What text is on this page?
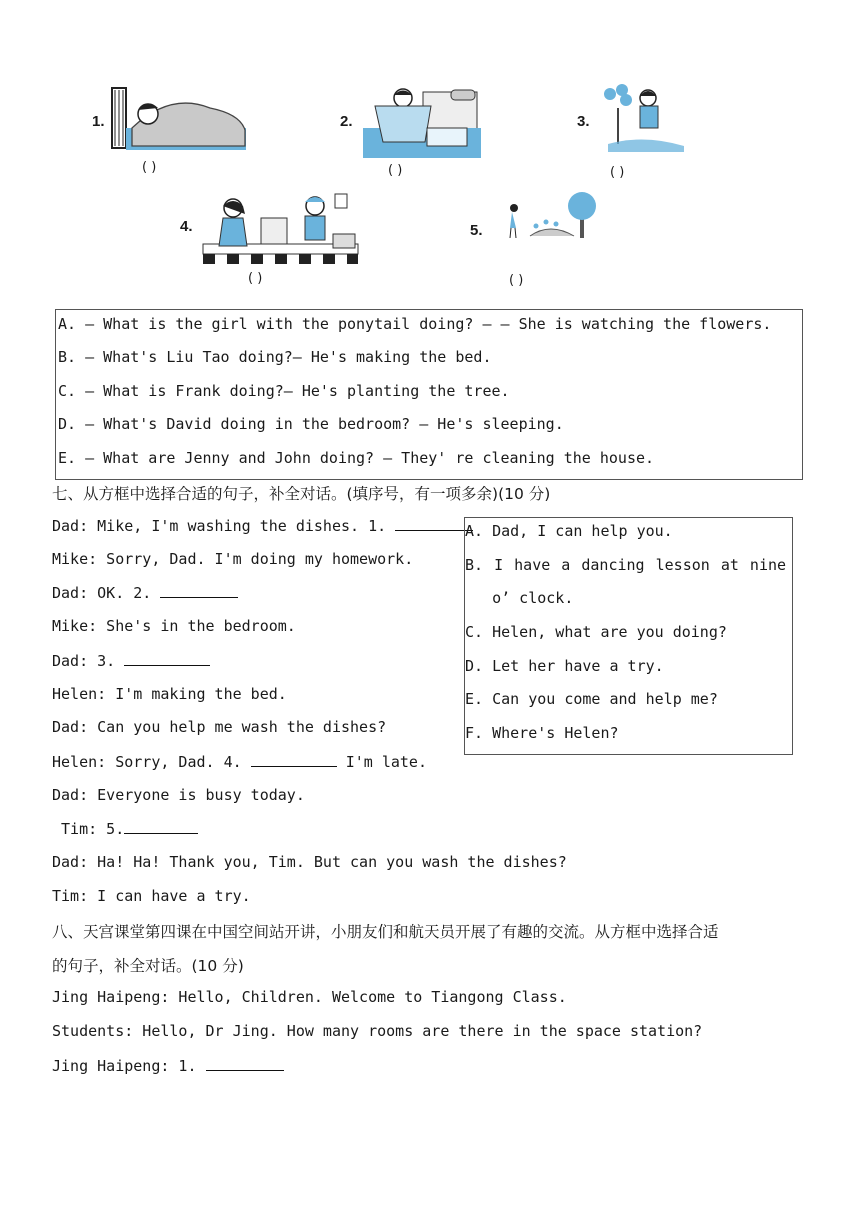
1.
( )
2.
( )
3.
( )
4.
( )
5.
( )
A. — What is the girl with the ponytail doing? — — She is watching the flowers.
B. — What's Liu Tao doing?— He's making the bed.
C. — What is Frank doing?— He's planting the tree.
D. — What's David doing in the bedroom? — He's sleeping.
E. — What are Jenny and John doing? — They' re cleaning the house.
七、从方框中选择合适的句子，补全对话。(填序号，有一项多余)(10 分)
Dad: Mike, I'm washing the dishes. 1.
Mike: Sorry, Dad. I'm doing my homework.
Dad: OK. 2.
Mike: She's in the bedroom.
Dad: 3.
Helen: I'm making the bed.
Dad: Can you help me wash the dishes?
Helen: Sorry, Dad. 4.	I'm late.
Dad: Everyone is busy today.
Tim: 5.
Dad: Ha! Ha! Thank you, Tim. But can you wash the dishes?
Tim: I can have a try.
A. Dad, I can help you.
B. I have a dancing lesson at nine
o’ clock.
C. Helen, what are you doing?
D. Let her have a try.
E. Can you come and help me?
F. Where's Helen?
八、天宫课堂第四课在中国空间站开讲，小朋友们和航天员开展了有趣的交流。从方框中选择合适
的句子，补全对话。(10 分)
Jing Haipeng: Hello, Children. Welcome to Tiangong Class.
Students: Hello, Dr Jing. How many rooms are there in the space station?
Jing Haipeng: 1.
